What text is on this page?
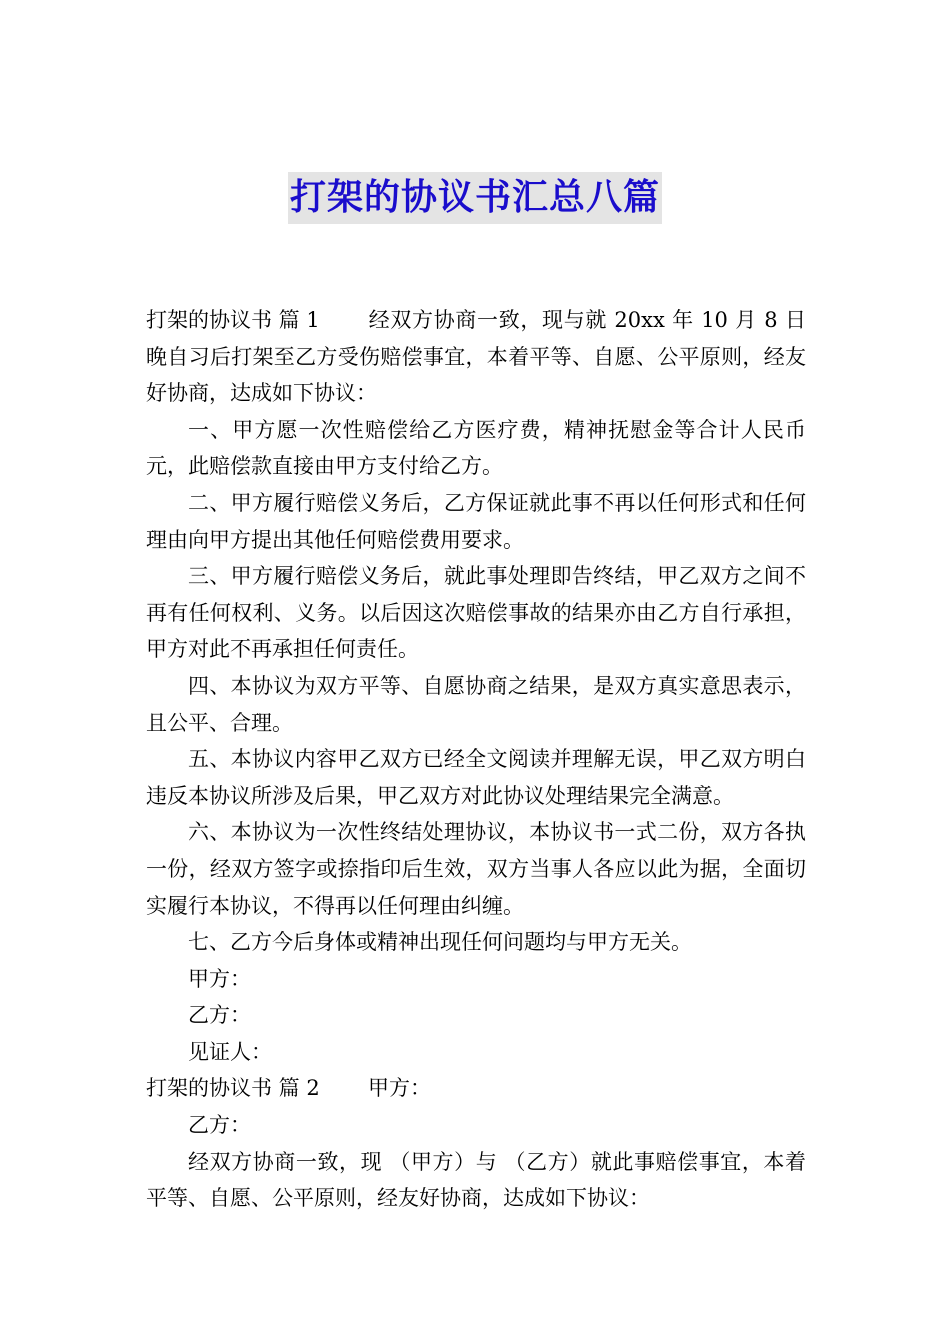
打架的协议书汇总八篇

打架的协议书 篇 1 经双方协商一致，现与就 20xx 年 10 月 8 日晚自习后打架至乙方受伤赔偿事宜，本着平等、自愿、公平原则，经友好协商，达成如下协议：

一、甲方愿一次性赔偿给乙方医疗费，精神抚慰金等合计人民币元，此赔偿款直接由甲方支付给乙方。

二、甲方履行赔偿义务后，乙方保证就此事不再以任何形式和任何理由向甲方提出其他任何赔偿费用要求。

三、甲方履行赔偿义务后，就此事处理即告终结，甲乙双方之间不再有任何权利、义务。以后因这次赔偿事故的结果亦由乙方自行承担，甲方对此不再承担任何责任。

四、本协议为双方平等、自愿协商之结果，是双方真实意思表示，且公平、合理。

五、本协议内容甲乙双方已经全文阅读并理解无误，甲乙双方明白违反本协议所涉及后果，甲乙双方对此协议处理结果完全满意。

六、本协议为一次性终结处理协议，本协议书一式二份，双方各执一份，经双方签字或捺指印后生效，双方当事人各应以此为据，全面切实履行本协议，不得再以任何理由纠缠。

七、乙方今后身体或精神出现任何问题均与甲方无关。

甲方：

乙方：

见证人：

打架的协议书 篇 2 甲方：

乙方：

经双方协商一致，现 （甲方）与 （乙方）就此事赔偿事宜，本着平等、自愿、公平原则，经友好协商，达成如下协议：
